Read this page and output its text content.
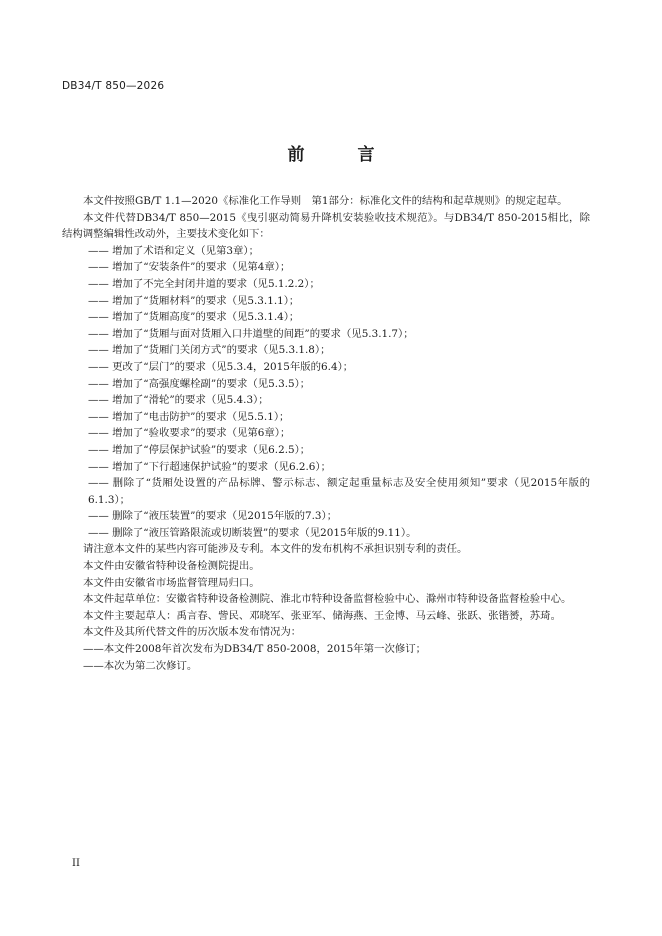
DB34/T 850—2026
前　言

本文件按照GB/T 1.1—2020《标准化工作导则　第1部分：标准化文件的结构和起草规则》的规定起草。

本文件代替DB34/T 850—2015《曳引驱动简易升降机安装验收技术规范》。与DB34/T 850-2015相比，除结构调整编辑性改动外，主要技术变化如下：

—— 增加了术语和定义（见第3章）；

—— 增加了“安装条件”的要求（见第4章）；

—— 增加了不完全封闭井道的要求（见5.1.2.2）；

—— 增加了“货厢材料”的要求（见5.3.1.1）；

—— 增加了“货厢高度”的要求（见5.3.1.4）；

—— 增加了“货厢与面对货厢入口井道壁的间距”的要求（见5.3.1.7）；

—— 增加了“货厢门关闭方式”的要求（见5.3.1.8）；

—— 更改了“层门”的要求（见5.3.4，2015年版的6.4）；

—— 增加了“高强度螺栓副”的要求（见5.3.5）；

—— 增加了“滑轮”的要求（见5.4.3）；

—— 增加了“电击防护”的要求（见5.5.1）；

—— 增加了“验收要求”的要求（见第6章）；

—— 增加了“停层保护试验”的要求（见6.2.5）；

—— 增加了“下行超速保护试验”的要求（见6.2.6）；

—— 删除了“货厢处设置的产品标牌、警示标志、额定起重量标志及安全使用须知”要求（见2015年版的6.1.3）；

—— 删除了“液压装置”的要求（见2015年版的7.3）；

—— 删除了“液压管路限流或切断装置”的要求（见2015年版的9.11）。

请注意本文件的某些内容可能涉及专利。本文件的发布机构不承担识别专利的责任。

本文件由安徽省特种设备检测院提出。

本文件由安徽省市场监督管理局归口。

本文件起草单位：安徽省特种设备检测院、淮北市特种设备监督检验中心、滁州市特种设备监督检验中心。

本文件主要起草人：禹言春、訾民、邓晓军、张亚军、储海燕、王金博、马云峰、张跃、张锴赟，苏琦。

本文件及其所代替文件的历次版本发布情况为：

——本文件2008年首次发布为DB34/T 850-2008，2015年第一次修订；

——本次为第二次修订。

II
